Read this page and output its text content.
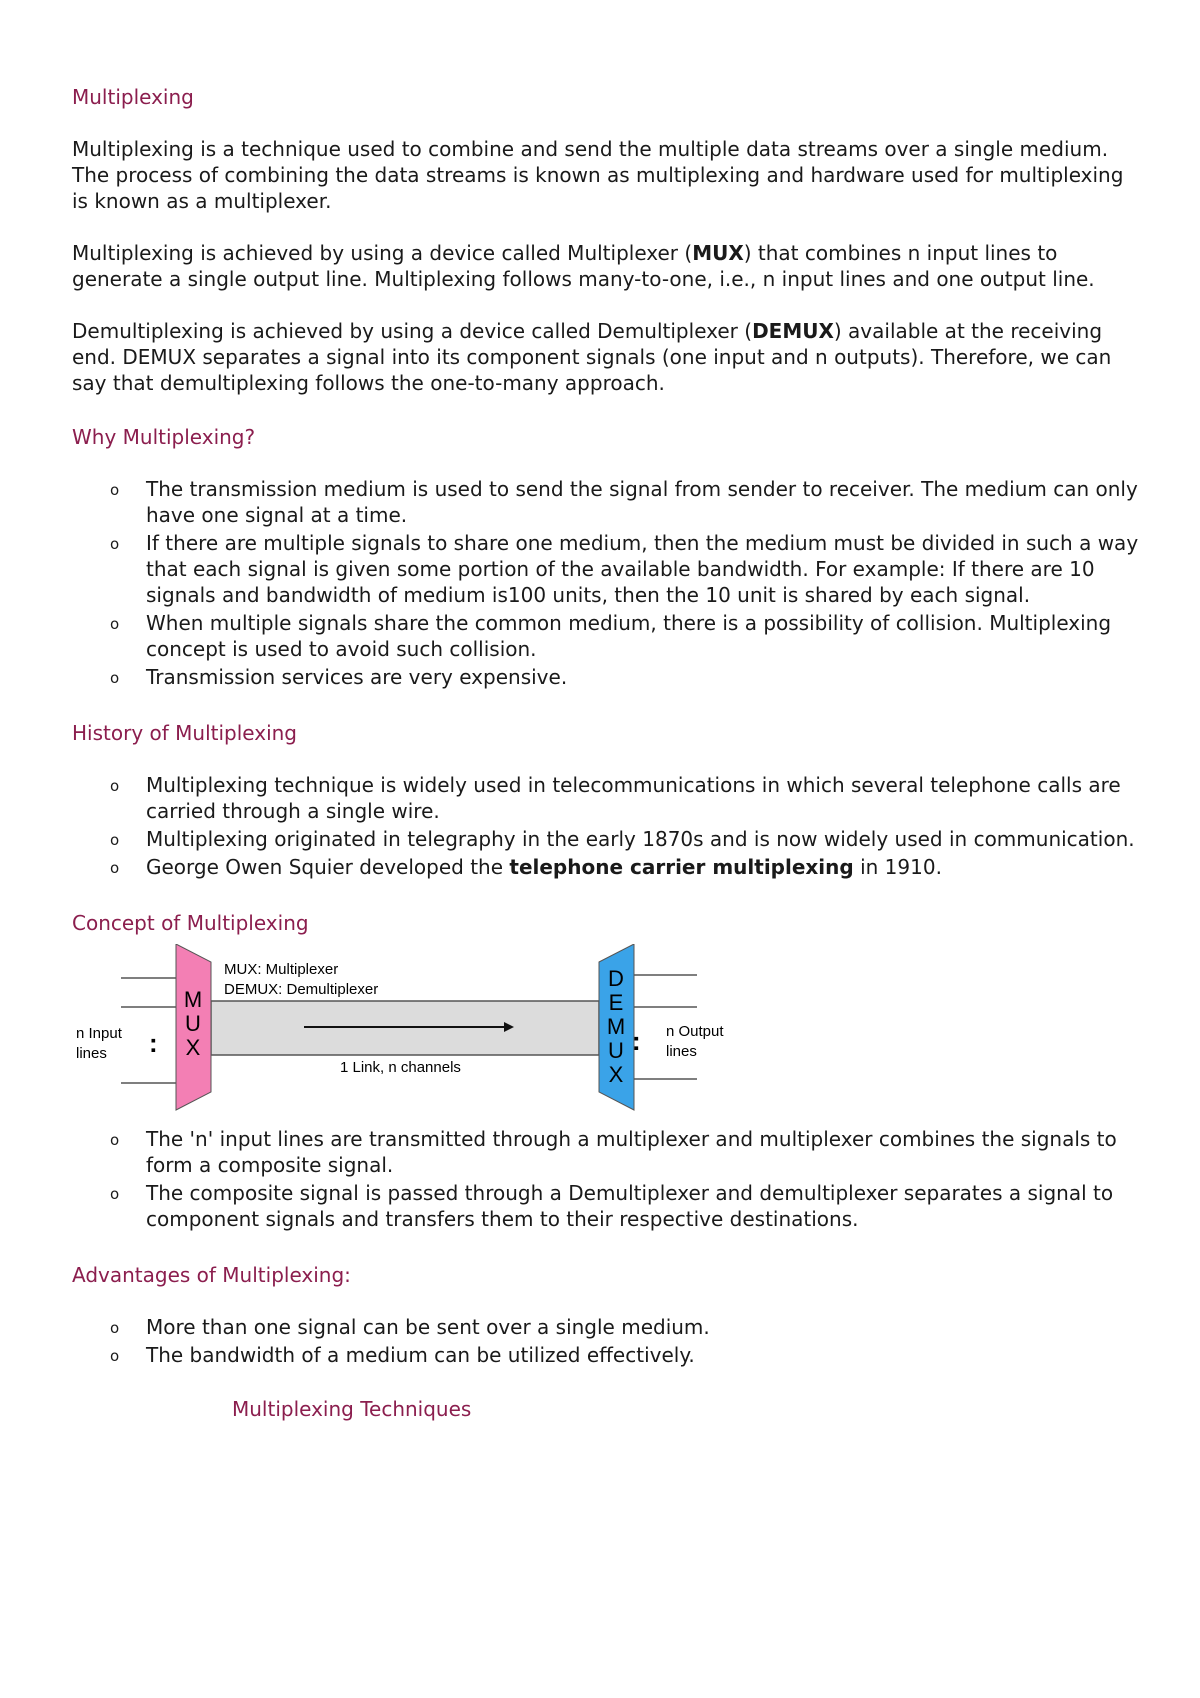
Multiplexing

Multiplexing is a technique used to combine and send the multiple data streams over a single medium. The process of combining the data streams is known as multiplexing and hardware used for multiplexing is known as a multiplexer.

Multiplexing is achieved by using a device called Multiplexer (MUX) that combines n input lines to generate a single output line. Multiplexing follows many-to-one, i.e., n input lines and one output line.

Demultiplexing is achieved by using a device called Demultiplexer (DEMUX) available at the receiving end. DEMUX separates a signal into its component signals (one input and n outputs). Therefore, we can say that demultiplexing follows the one-to-many approach.

Why Multiplexing?
o The transmission medium is used to send the signal from sender to receiver. The medium can only have one signal at a time.
o If there are multiple signals to share one medium, then the medium must be divided in such a way that each signal is given some portion of the available bandwidth. For example: If there are 10 signals and bandwidth of medium is100 units, then the 10 unit is shared by each signal.
o When multiple signals share the common medium, there is a possibility of collision. Multiplexing concept is used to avoid such collision.
o Transmission services are very expensive.
History of Multiplexing
o Multiplexing technique is widely used in telecommunications in which several telephone calls are carried through a single wire.
o Multiplexing originated in telegraphy in the early 1870s and is now widely used in communication.
o George Owen Squier developed the telephone carrier multiplexing in 1910.
Concept of Multiplexing
M
U
X
D
E
M
U
X
MUX: Multiplexer
DEMUX: Demultiplexer
n Input
lines :	n Output
lines
:
1 Link, n channels
o The 'n' input lines are transmitted through a multiplexer and multiplexer combines the signals to form a composite signal.
o The composite signal is passed through a Demultiplexer and demultiplexer separates a signal to component signals and transfers them to their respective destinations.
Advantages of Multiplexing:
o More than one signal can be sent over a single medium.
o The bandwidth of a medium can be utilized effectively.
Multiplexing Techniques
